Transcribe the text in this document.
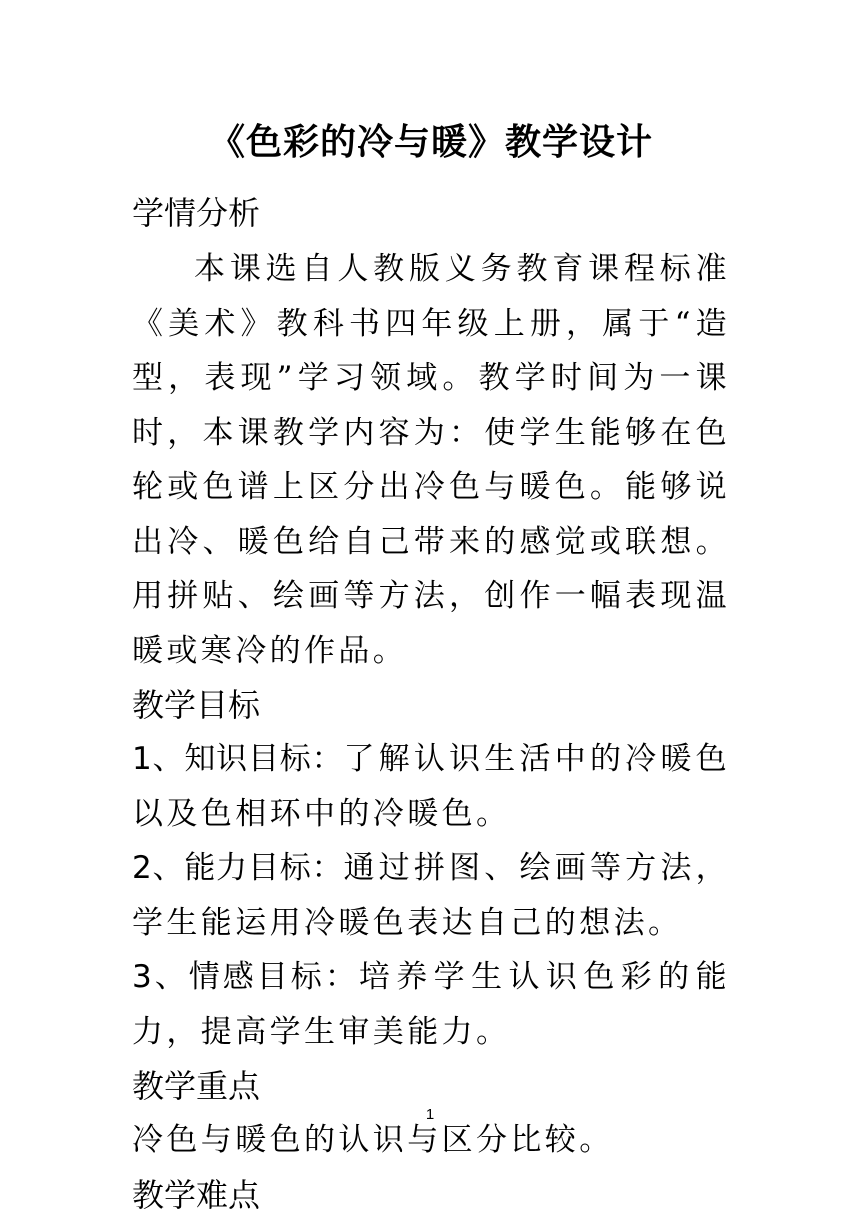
《色彩的冷与暖》教学设计
学情分析

本课选自人教版义务教育课程标准《美术》教科书四年级上册，属于“造型，表现”学习领域。教学时间为一课时，本课教学内容为：使学生能够在色轮或色谱上区分出冷色与暖色。能够说出冷、暖色给自己带来的感觉或联想。用拼贴、绘画等方法，创作一幅表现温暖或寒冷的作品。

教学目标

1、知识目标：了解认识生活中的冷暖色以及色相环中的冷暖色。

2、能力目标：通过拼图、绘画等方法，学生能运用冷暖色表达自己的想法。

3、情感目标：培养学生认识色彩的能力，提高学生审美能力。

教学重点

冷色与暖色的认识与区分比较。

教学难点
1
